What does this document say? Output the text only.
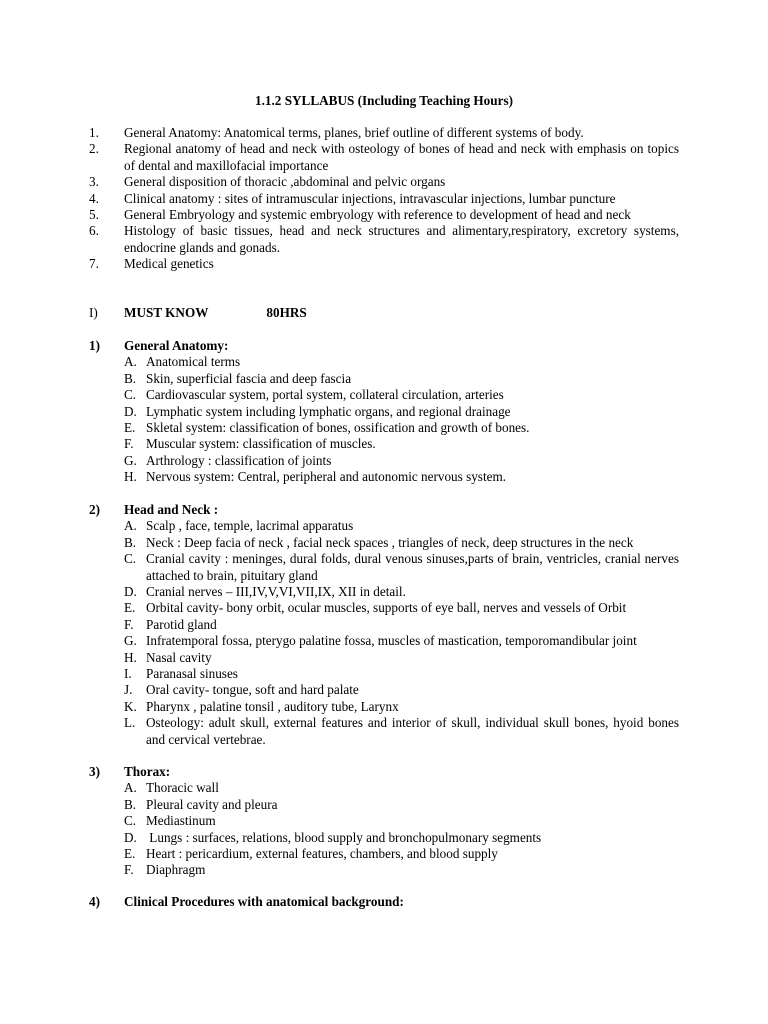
1.1.2 SYLLABUS (Including Teaching Hours)
1.	General Anatomy: Anatomical terms, planes, brief outline of different systems of body.
2.	Regional anatomy of head and neck with osteology of bones of head and neck with emphasis on topics of dental and maxillofacial importance
3.	General disposition of thoracic ,abdominal and pelvic organs
4.	Clinical anatomy : sites of intramuscular injections, intravascular injections, lumbar puncture
5.	General Embryology and systemic embryology with reference to development of head and neck
6.	Histology of basic tissues, head and neck structures and alimentary,respiratory, excretory systems, endocrine glands and gonads.
7.	Medical genetics
I)	MUST KNOW	80HRS
1)	General Anatomy:
A. Anatomical terms
B. Skin, superficial fascia and deep fascia
C. Cardiovascular system, portal system, collateral circulation, arteries
D. Lymphatic system including lymphatic organs, and regional drainage
E. Skletal system: classification of bones, ossification and growth of bones.
F. Muscular system: classification of muscles.
G. Arthrology : classification of joints
H. Nervous system: Central, peripheral and autonomic nervous system.
2)	Head and Neck :
A. Scalp , face, temple, lacrimal apparatus
B. Neck : Deep facia of neck , facial neck spaces , triangles of neck, deep structures in the neck
C. Cranial cavity : meninges, dural folds, dural venous sinuses,parts of brain, ventricles, cranial nerves attached to brain, pituitary gland
D. Cranial nerves – III,IV,V,VI,VII,IX, XII in detail.
E. Orbital cavity- bony orbit, ocular muscles, supports of eye ball, nerves and vessels of Orbit
F. Parotid gland
G. Infratemporal fossa, pterygo palatine fossa, muscles of mastication, temporomandibular joint
H. Nasal cavity
I.	Paranasal sinuses
J.	Oral cavity- tongue, soft and hard palate
K. Pharynx , palatine tonsil , auditory tube, Larynx
L. Osteology: adult skull, external features and interior of skull, individual skull bones, hyoid bones and cervical vertebrae.
3)	Thorax:
A. Thoracic wall
B. Pleural cavity and pleura
C. Mediastinum
D. Lungs : surfaces, relations, blood supply and bronchopulmonary segments
E. Heart : pericardium, external features, chambers, and blood supply
F. Diaphragm
4)	Clinical Procedures with anatomical background:
